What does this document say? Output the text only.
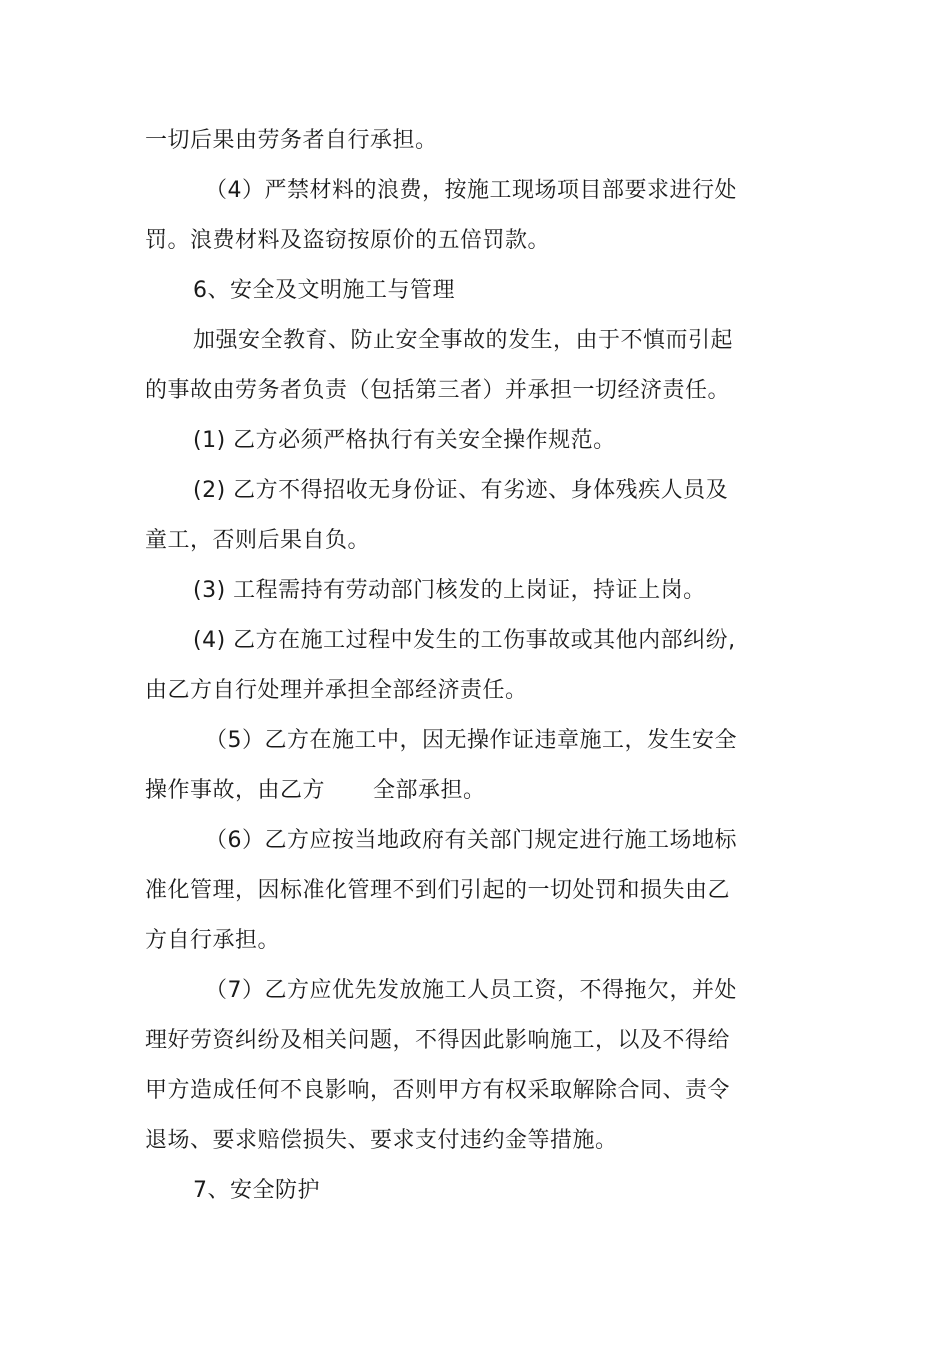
一切后果由劳务者自行承担。
（4）严禁材料的浪费，按施工现场项目部要求进行处
罚。浪费材料及盗窃按原价的五倍罚款。
6、安全及文明施工与管理
加强安全教育、防止安全事故的发生，由于不慎而引起
的事故由劳务者负责（包括第三者）并承担一切经济责任。
(1) 乙方必须严格执行有关安全操作规范。
(2) 乙方不得招收无身份证、有劣迹、身体残疾人员及
童工，否则后果自负。
(3) 工程需持有劳动部门核发的上岗证，持证上岗。
(4) 乙方在施工过程中发生的工伤事故或其他内部纠纷,
由乙方自行处理并承担全部经济责任。
（5）乙方在施工中，因无操作证违章施工，发生安全
操作事故，由乙方 全部承担。
（6）乙方应按当地政府有关部门规定进行施工场地标
准化管理，因标准化管理不到们引起的一切处罚和损失由乙
方自行承担。
（7）乙方应优先发放施工人员工资，不得拖欠，并处
理好劳资纠纷及相关问题，不得因此影响施工，以及不得给
甲方造成任何不良影响，否则甲方有权采取解除合同、责令
退场、要求赔偿损失、要求支付违约金等措施。
7、安全防护
